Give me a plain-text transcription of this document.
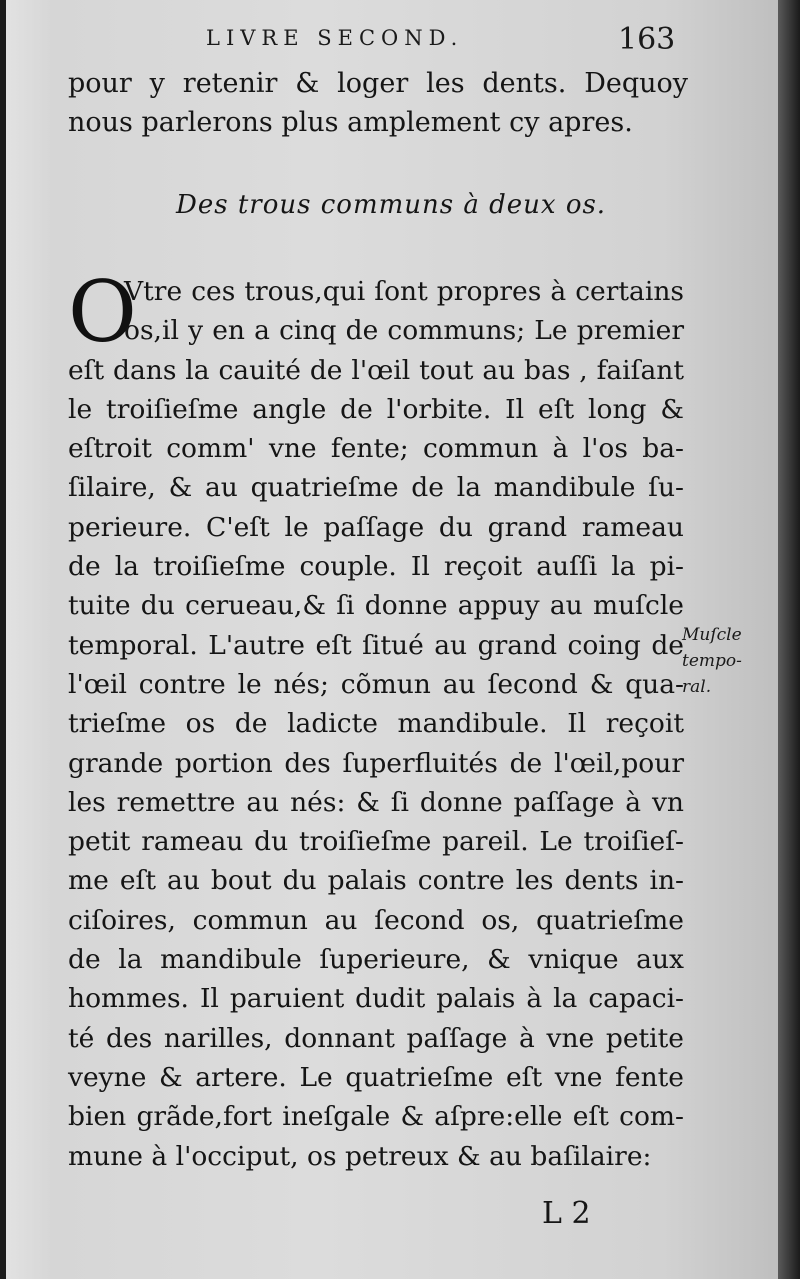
LIVRE SECOND.	163
pour y retenir & loger les dents. Dequoy
nous parlerons plus amplement cy apres.
Des trous communs à deux os.
O
Vtre ces trous,qui ſont propres à certains
os,il y en a cinq de communs; Le premier
eſt dans la cauité de l'œil tout au bas , faiſant
le troiſieſme angle de l'orbite. Il eſt long &
eſtroit comm' vne fente; commun à l'os ba-
ſilaire, & au quatrieſme de la mandibule ſu-
perieure. C'eſt le paſſage du grand rameau
de la troiſieſme couple. Il reçoit auſſi la pi-
tuite du cerueau,& ſi donne appuy au muſcle
temporal. L'autre eſt ſitué au grand coing de
l'œil contre le nés; cõmun au ſecond & qua-
trieſme os de ladicte mandibule. Il reçoit
grande portion des ſuperfluités de l'œil,pour
les remettre au nés: & ſi donne paſſage à vn
petit rameau du troiſieſme pareil. Le troiſieſ-
me eſt au bout du palais contre les dents in-
ciſoires, commun au ſecond os, quatrieſme
de la mandibule ſuperieure, & vnique aux
hommes. Il paruient dudit palais à la capaci-
té des narilles, donnant paſſage à vne petite
veyne & artere. Le quatrieſme eſt vne fente
bien grãde,fort ineſgale & aſpre:elle eſt com-
mune à l'occiput, os petreux & au baſilaire:
Muſcle
tempo-
ral.
L 2
